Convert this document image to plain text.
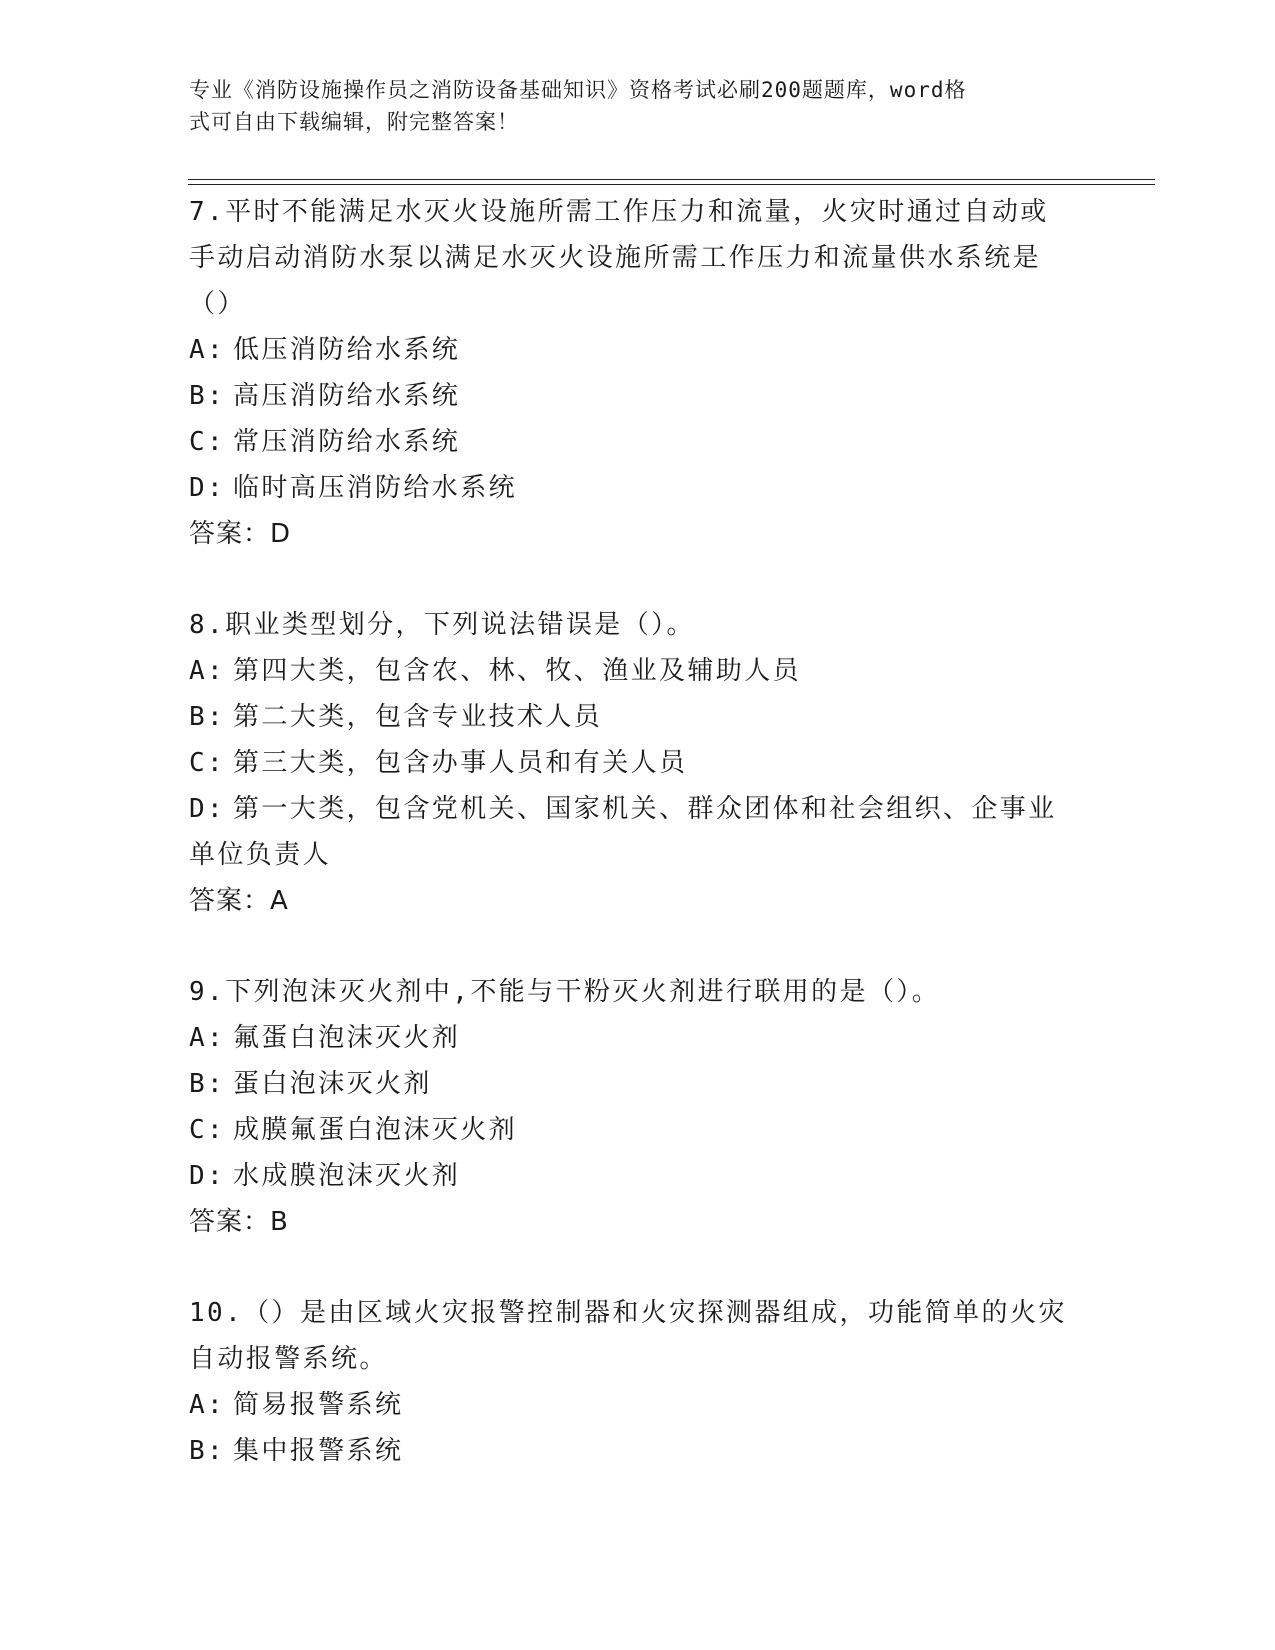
专业《消防设施操作员之消防设备基础知识》资格考试必刷200题题库，word格
式可自由下载编辑，附完整答案！
7.平时不能满足水灭火设施所需工作压力和流量，火灾时通过自动或
手动启动消防水泵以满足水灭火设施所需工作压力和流量供水系统是
（）
A: 低压消防给水系统
B: 高压消防给水系统
C: 常压消防给水系统
D: 临时高压消防给水系统
答案：D
8.职业类型划分，下列说法错误是（）。
A: 第四大类，包含农、林、牧、渔业及辅助人员
B: 第二大类，包含专业技术人员
C: 第三大类，包含办事人员和有关人员
D: 第一大类，包含党机关、国家机关、群众团体和社会组织、企事业
单位负责人
答案：A
9.下列泡沫灭火剂中,不能与干粉灭火剂进行联用的是（）。
A: 氟蛋白泡沫灭火剂
B: 蛋白泡沫灭火剂
C: 成膜氟蛋白泡沫灭火剂
D: 水成膜泡沫灭火剂
答案：B
10.（）是由区域火灾报警控制器和火灾探测器组成，功能简单的火灾
自动报警系统。
A: 简易报警系统
B: 集中报警系统
